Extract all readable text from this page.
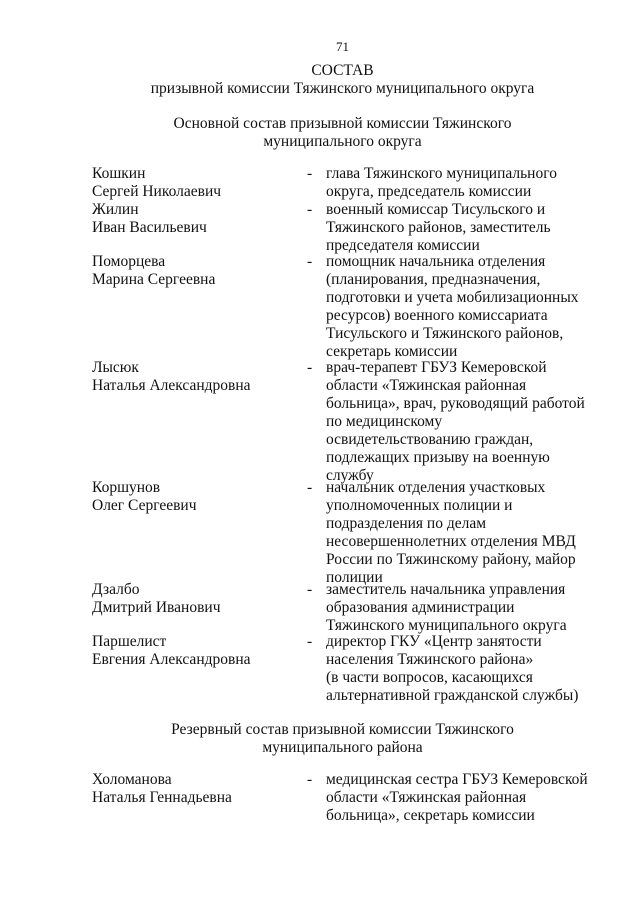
71
СОСТАВ
призывной комиссии Тяжинского муниципального округа
Основной состав призывной комиссии Тяжинского
муниципального округа
Кошкин
Сергей Николаевич
- глава Тяжинского муниципального
округа, председатель комиссии
Жилин
Иван Васильевич
- военный комиссар Тисульского и
Тяжинского районов, заместитель
председателя комиссии
Поморцева
Марина Сергеевна
- помощник начальника отделения
(планирования, предназначения,
подготовки и учета мобилизационных
ресурсов) военного комиссариата
Тисульского и Тяжинского районов,
секретарь комиссии
Лысюк
Наталья Александровна
- врач-терапевт ГБУЗ Кемеровской
области «Тяжинская районная
больница», врач, руководящий работой
по медицинскому
освидетельствованию граждан,
подлежащих призыву на военную
службу
Коршунов
Олег Сергеевич
- начальник отделения участковых
уполномоченных полиции и
подразделения по делам
несовершеннолетних отделения МВД
России по Тяжинскому району, майор
полиции
Дзалбо
Дмитрий Иванович
- заместитель начальника управления
образования администрации
Тяжинского муниципального округа
Паршелист
Евгения Александровна
- директор ГКУ «Центр занятости
населения Тяжинского района»
(в части вопросов, касающихся
альтернативной гражданской службы)
Резервный состав призывной комиссии Тяжинского
муниципального района
Холоманова
Наталья Геннадьевна
- медицинская сестра ГБУЗ Кемеровской
области «Тяжинская районная
больница», секретарь комиссии
